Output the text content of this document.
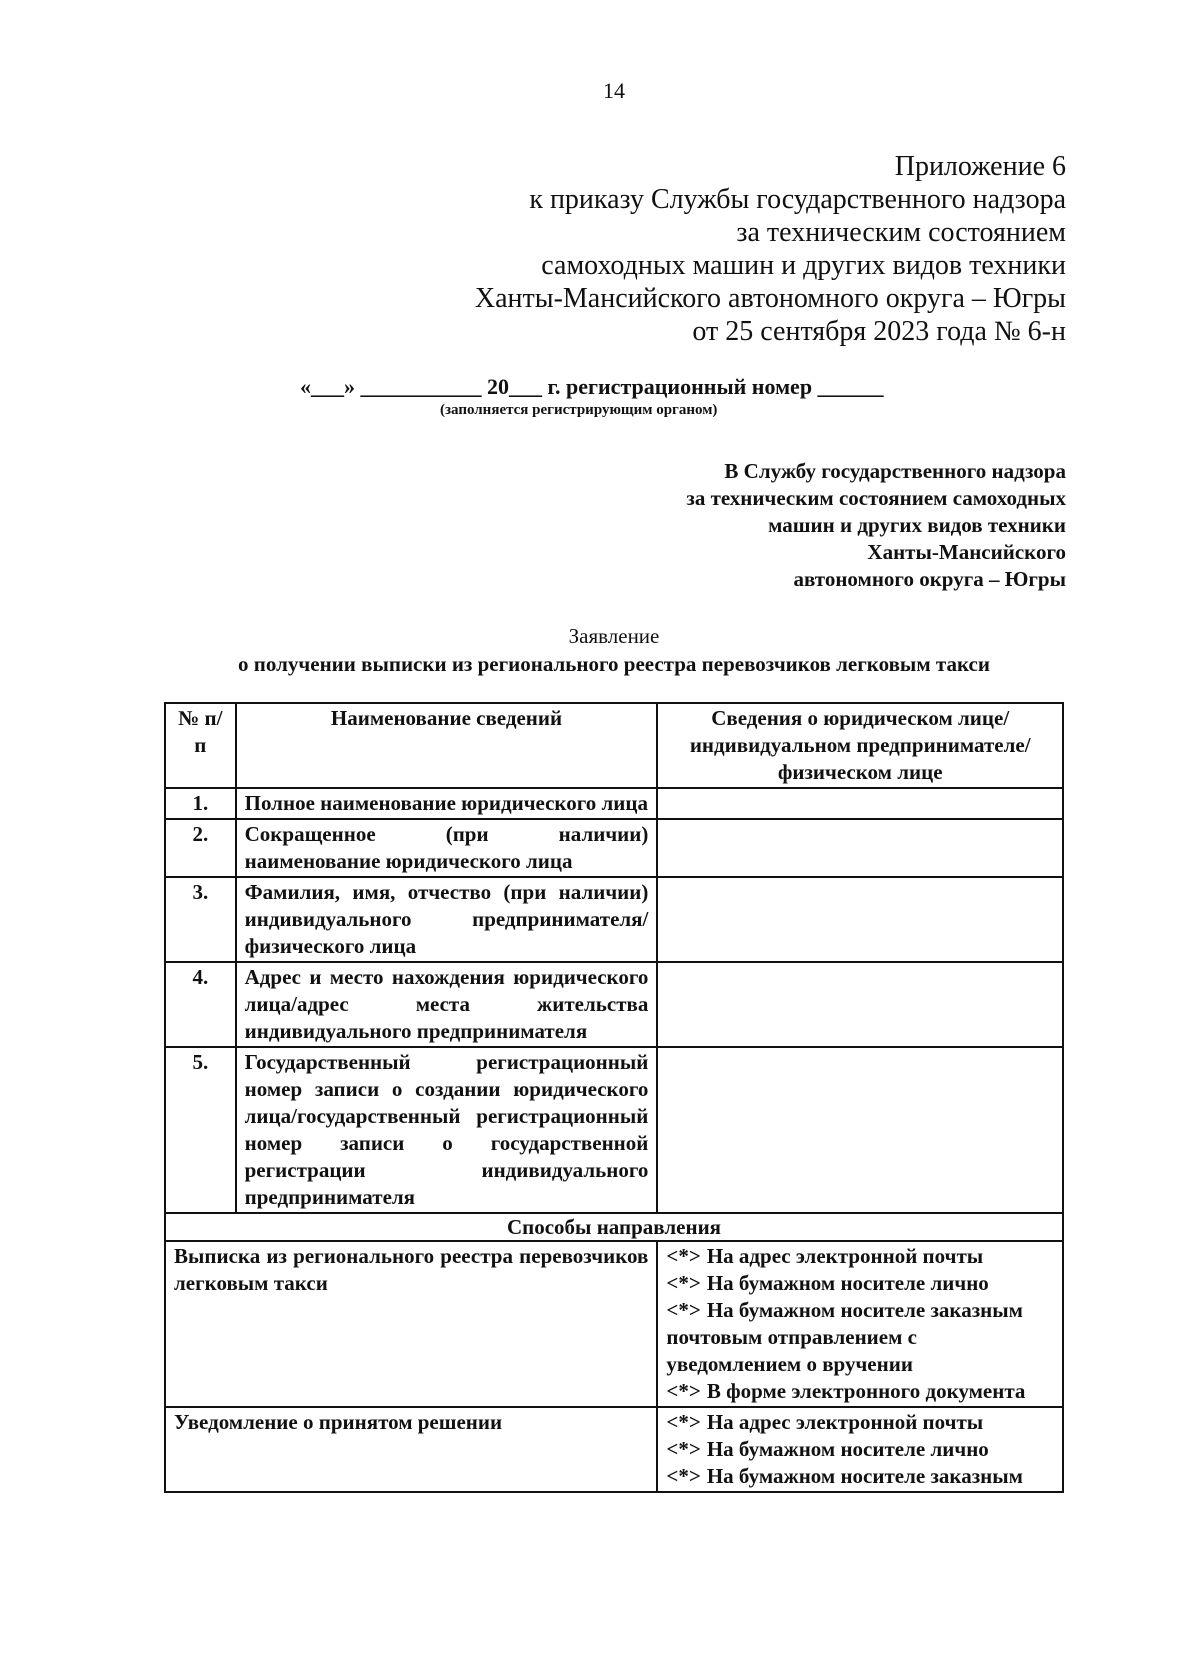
14
Приложение 6
к приказу Службы государственного надзора
за техническим состоянием
самоходных машин и других видов техники
Ханты-Мансийского автономного округа – Югры
от 25 сентября 2023 года № 6-н
«___» ___________ 20___ г. регистрационный номер ______
(заполняется регистрирующим органом)
В Службу государственного надзора
за техническим состоянием самоходных
машин и других видов техники
Ханты-Мансийского
автономного округа – Югры
Заявление
о получении выписки из регионального реестра перевозчиков легковым такси
№ п/п	Наименование сведений	Сведения о юридическом лице/ индивидуальном предпринимателе/ физическом лице
1.	Полное наименование юридического лица	
2.	Сокращенное (при наличии) наименование юридического лица	
3.	Фамилия, имя, отчество (при наличии) индивидуального предпринимателя/физического лица	
4.	Адрес и место нахождения юридического лица/адрес места жительства индивидуального предпринимателя	
5.	Государственный регистрационный номер записи о создании юридического лица/государственный регистрационный номер записи о государственной регистрации индивидуального предпринимателя	
Способы направления		
Выписка из регионального реестра перевозчиков легковым такси		<*> На адрес электронной почты
<*> На бумажном носителе лично
<*> На бумажном носителе заказным почтовым отправлением с уведомлением о вручении
<*> В форме электронного документа

Уведомление о принятом решении		<*> На адрес электронной почты
<*> На бумажном носителе лично
<*> На бумажном носителе заказным
